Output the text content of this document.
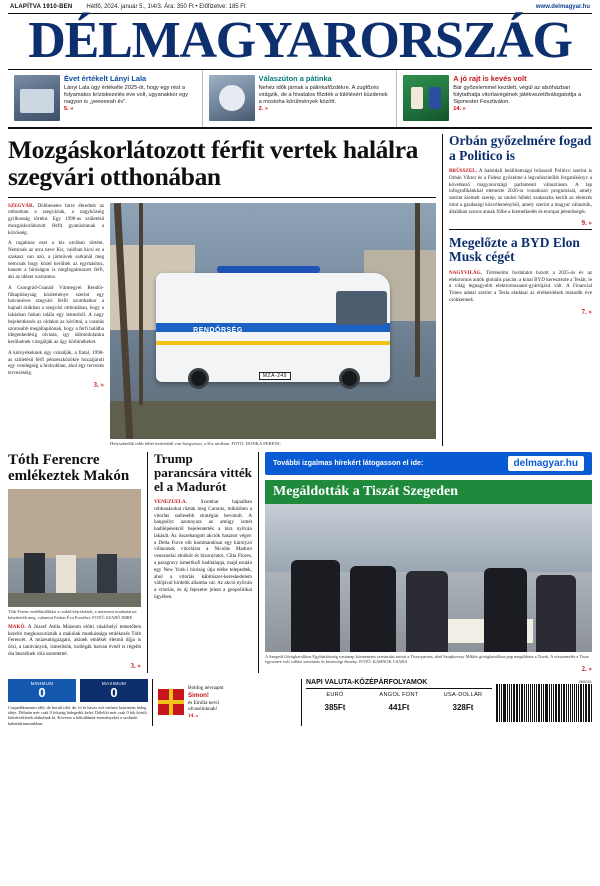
ALAPÍTVA 1910-BEN	Hétfő, 2024. január 5., 1\4/3. Ára: 350 Ft • Előfizetve: 185 Ft	www.delmagyar.hu
DÉLMAGYARORSZÁG
Évet értékelt Lányi Lala

Lányi Lala úgy értékelte 2025-öt, hogy egy rést a folyamatos kríziskezelés éve volt, ugyanakkor egy nagyon is „yeeeeeah év”.

5. »

Válaszúton a pátinka

Nehéz idők járnak a pálinkafőzdékre. A zugfőzés virágzik, de a hivatalos főzdék a túlélésért küzdenek a mostoha körülmények között.

2. »

A jó rajt is kevés volt

Bár győzelemmel kezdett, végül az alsóházban folytathatja vitorlavégének játékvezetőválogatottja a Sipmester Fesztiválon.

14. »

Mozgáskorlátozott férfit vertek halálra szegvári otthonában

SZEGVÁR. Döbbenetes hírre ébredtek az otthonban a szegváriak, a nagyközség gyilkosság történt. Egy 1998-as születésű mozgáskorlátozott férfit gyanúsítanak a közösség.

A rugalmas eset a kis utcában történt. Nemcsak az utca neve Kis, valóban kicsi ez a szakasz van azó, a járművek sarkánál meg nemcsak hogy közel kerültek az egymáshoz, hanem a híróságon is megfogalmazott férfi, aki az idézet warrantos.

A Csongrád-Csanád Vármegyei Rendőr-főkapitányság közleménye szerint egy hatvanéves szegvári férfit szombatkor a hajnali órákban a szegvári otthonában, hogy a lakásban hokan talála egy lemezből. A nagy bejelentkezés az oldalon az köröttal, a vasutás szorosabb megállapítónak, hogy a férfi halálba idegenkedésig olvasta, így időmódolatára kerülnének vizsgálják az ügy körbinékeket.

A környékeknek úgy csinálják, a fiatal, 1998-as születésű férfi pénzeszközökre hozzájárult egy vendégség a hírárokban, ahol egy tervezés tervezéséig.

3. »
RENDŐRSÉG
MZA-249
Helyszínelők több fehér kerítésből van Szegváron, a Kis utcában. FOTÓ: DONKA FERENC
Orbán győzelmére fogad a Politico is

BRÜSSZEL. A baloldali beállítottságú brüsszeli Politico szerint is Orbán Viktor és a Fidesz győzelme a legvalószínűbb forgatókönyv a következő magyarországi parlamenti választáson. A lap infografikánkkal elemezte 2026-ra vonatkozó prognózisát, amely szerint kiemelt szerep, az utolsó hűbéri szakaszba került az elemzés mint a gazdasági közvéleményből, amely szerint a magyar választók, általában szoros annak fölbe a kiemelkedés és europai jelentőségét.

9. »
Megelőzte a BYD Elon Musk cégét

NAGYVILÁG. Történelmi fordulatot hozott a 2025-ös év az elektromos autók globális piacán: a kínai BYD keresztezte a Teslát, le a világ legnagyobb elektromosautó-gyártójává vált. A Financial Times adatai szerint a Tesla eladásai az értékesítések második éve csökkennek.

7. »
Tóth Ferencre emlékeztek Makón
Tóth Ferenc emlékkiállítást a család kép-tárlatát, a múzeumi munkatársai készítették meg, valamint Farkas Éva Erzsébet. FOTÓ: SZABÓ IMRE

MAKÓ. A József Attila Múzeum előtti vásárhelyi temetőben kezdve megkoszorúzták a makóiak munkássága emlékezés Tóth Ferencét. A múzeumigazgató, akinek emlékét életmű díjja is őrzi, a tanítványok, ismerősök, kollégák hatvan évnél is régebb óta beszélnek róla szeretettel.

3. »
Trump parancsára vitték el a Madurót

VENEZUELA.	Szombat hajnalban robbanásokat ráztak meg Caracas, miközben a vitorlás szélesebb stratégiai bevonult. A hangsúlyt azonnyara az amúgy ismét hadilépésekről bejelentették a túra nyilván lakását. Az összehangolt akciók hasznot végre: a Delta Force elit kommandósai egy károlyzó villanások vitorlázta a Nicolás Maduro venezuelai elnököt és bizonylatot, Clita Flores, a paragravy ismertkofi haditalapja, majd ezután egy New York-i bíróság útja elébe telepedtek, ahol a vitorlás kábítószer-kereskedelem válójával hirdetik allamba vár. Az akció nyilván a vitorlás, és új fejezetre jelent a geopolitikai ügyében.

További izgalmas hírekért látogasson el ide:	delmagyar.hu
Megáldották a Tiszát Szegeden
A Szegedi Görögkatolikus Egyházközség vasárnap körmenetes szertartást tartott a Tisza-parton, ahol Szopkovszy Miklós görögkatolikus pap megáldotta a Tiszát. A vízszentelés a Tisza egyszerre volt vallási szertartás és közösségi élmény. FOTÓ: KARNOK CSABA
2. »
MINIMUM
0
MAXIMUM
0
Csapadékmentes időt, de borult időt, de, ló és havas eső várható kontinens hideg ideje. Délután mér csak 0 fokiság hidegedik kelet. Délelőtt mér csak 0 fok körüli hőmérsékletek alakulnak ki. Kövesse a hőhullámtá-eseményeket a szolnoki kalendáriumunkban.
Boldog névnapot
Simon!
és Emília nevű
olvasóinknak!
14. »
NAPI VALUTA-KÖZÉPÁRFOLYAMOK
EURÓ
385Ft
ANGOL FONT
441Ft
USA-DOLLÁR
328Ft
260031
